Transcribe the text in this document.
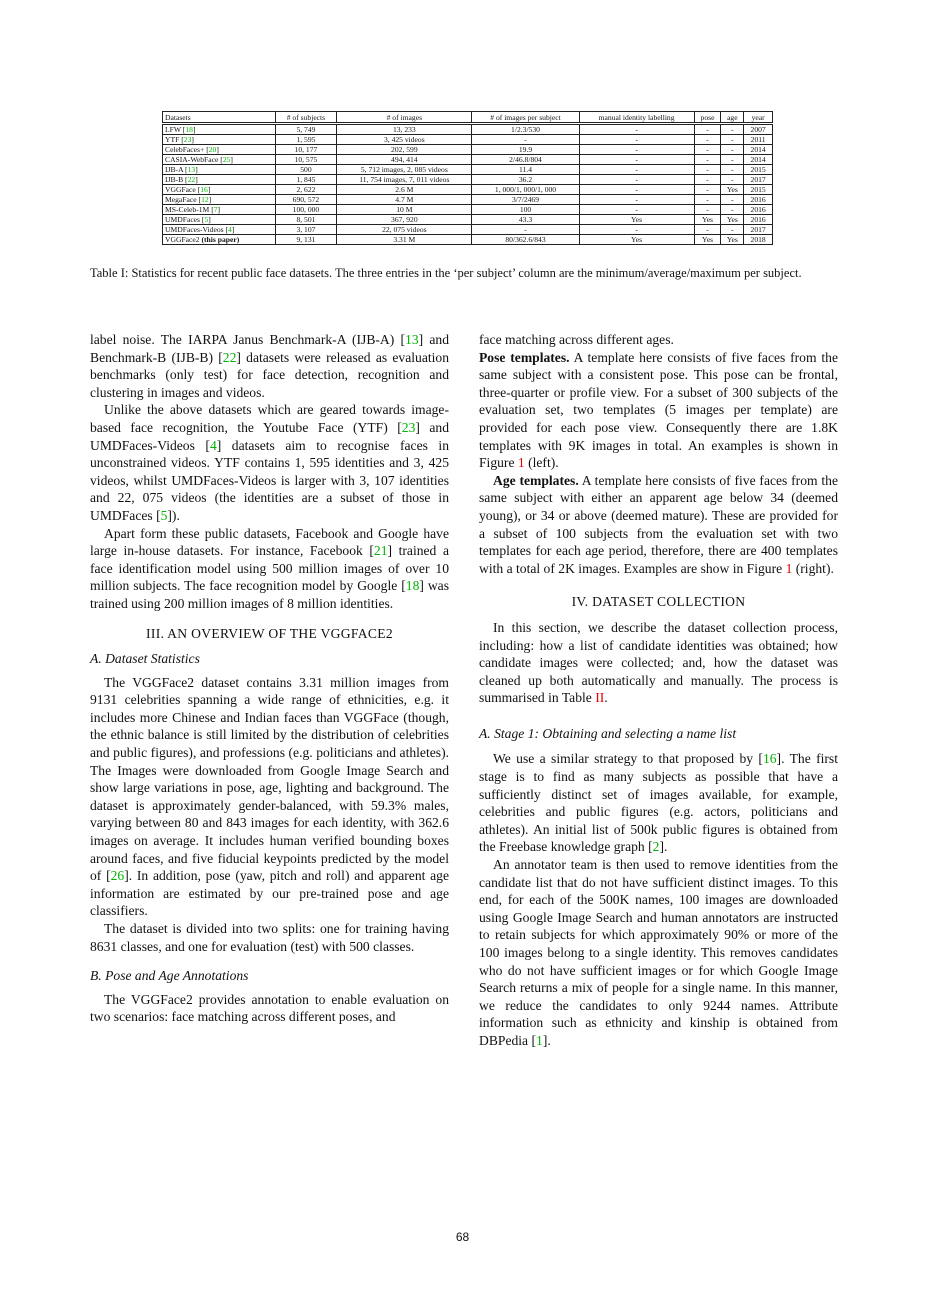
Datasets	# of subjects	# of images	# of images per subject	manual identity labelling	pose	age	year
LFW [18]	5, 749	13, 233	1/2.3/530	-	-	-	2007
YTF [23]	1, 595	3, 425 videos	-	-	-	-	2011
CelebFaces+ [20]	10, 177	202, 599	19.9	-	-	-	2014
CASIA-WebFace [25]	10, 575	494, 414	2/46.8/804	-	-	-	2014
IJB-A [13]	500	5, 712 images, 2, 085 videos	11.4	-	-	-	2015
IJB-B [22]	1, 845	11, 754 images, 7, 011 videos	36.2	-	-	-	2017
VGGFace [16]	2, 622	2.6 M	1, 000/1, 000/1, 000	-	-	Yes	2015
MegaFace [12]	690, 572	4.7 M	3/7/2469	-	-	-	2016
MS-Celeb-1M [7]	100, 000	10 M	100	-	-	-	2016
UMDFaces [5]	8, 501	367, 920	43.3	Yes	Yes	Yes	2016
UMDFaces-Videos [4]	3, 107	22, 075 videos	-	-	-	-	2017
VGGFace2 (this paper)	9, 131	3.31 M	80/362.6/843	Yes	Yes	Yes	2018
Table I: Statistics for recent public face datasets. The three entries in the ‘per subject’ column are the minimum/average/maximum per subject.

label noise. The IARPA Janus Benchmark-A (IJB-A) [13] and Benchmark-B (IJB-B) [22] datasets were released as evaluation benchmarks (only test) for face detection, recognition and clustering in images and videos.

Unlike the above datasets which are geared towards image-based face recognition, the Youtube Face (YTF) [23] and UMDFaces-Videos [4] datasets aim to recognise faces in unconstrained videos. YTF contains 1, 595 identities and 3, 425 videos, whilst UMDFaces-Videos is larger with 3, 107 identities and 22, 075 videos (the identities are a subset of those in UMDFaces [5]).

Apart form these public datasets, Facebook and Google have large in-house datasets. For instance, Facebook [21] trained a face identification model using 500 million images of over 10 million subjects. The face recognition model by Google [18] was trained using 200 million images of 8 million identities.

III. AN OVERVIEW OF THE VGGFACE2
A. Dataset Statistics

The VGGFace2 dataset contains 3.31 million images from 9131 celebrities spanning a wide range of ethnicities, e.g. it includes more Chinese and Indian faces than VGGFace (though, the ethnic balance is still limited by the distribution of celebrities and public figures), and professions (e.g. politicians and athletes). The Images were downloaded from Google Image Search and show large variations in pose, age, lighting and background. The dataset is approximately gender-balanced, with 59.3% males, varying between 80 and 843 images for each identity, with 362.6 images on average. It includes human verified bounding boxes around faces, and five fiducial keypoints predicted by the model of [26]. In addition, pose (yaw, pitch and roll) and apparent age information are estimated by our pre-trained pose and age classifiers.

The dataset is divided into two splits: one for training having 8631 classes, and one for evaluation (test) with 500 classes.

B. Pose and Age Annotations

The VGGFace2 provides annotation to enable evaluation on two scenarios: face matching across different poses, and

face matching across different ages.

Pose templates. A template here consists of five faces from the same subject with a consistent pose. This pose can be frontal, three-quarter or profile view. For a subset of 300 subjects of the evaluation set, two templates (5 images per template) are provided for each pose view. Consequently there are 1.8K templates with 9K images in total. An examples is shown in Figure 1 (left).

Age templates. A template here consists of five faces from the same subject with either an apparent age below 34 (deemed young), or 34 or above (deemed mature). These are provided for a subset of 100 subjects from the evaluation set with two templates for each age period, therefore, there are 400 templates with a total of 2K images. Examples are show in Figure 1 (right).

IV. DATASET COLLECTION

In this section, we describe the dataset collection process, including: how a list of candidate identities was obtained; how candidate images were collected; and, how the dataset was cleaned up both automatically and manually. The process is summarised in Table II.

A. Stage 1: Obtaining and selecting a name list

We use a similar strategy to that proposed by [16]. The first stage is to find as many subjects as possible that have a sufficiently distinct set of images available, for example, celebrities and public figures (e.g. actors, politicians and athletes). An initial list of 500k public figures is obtained from the Freebase knowledge graph [2].

An annotator team is then used to remove identities from the candidate list that do not have sufficient distinct images. To this end, for each of the 500K names, 100 images are downloaded using Google Image Search and human annotators are instructed to retain subjects for which approximately 90% or more of the 100 images belong to a single identity. This removes candidates who do not have sufficient images or for which Google Image Search returns a mix of people for a single name. In this manner, we reduce the candidates to only 9244 names. Attribute information such as ethnicity and kinship is obtained from DBPedia [1].

68
